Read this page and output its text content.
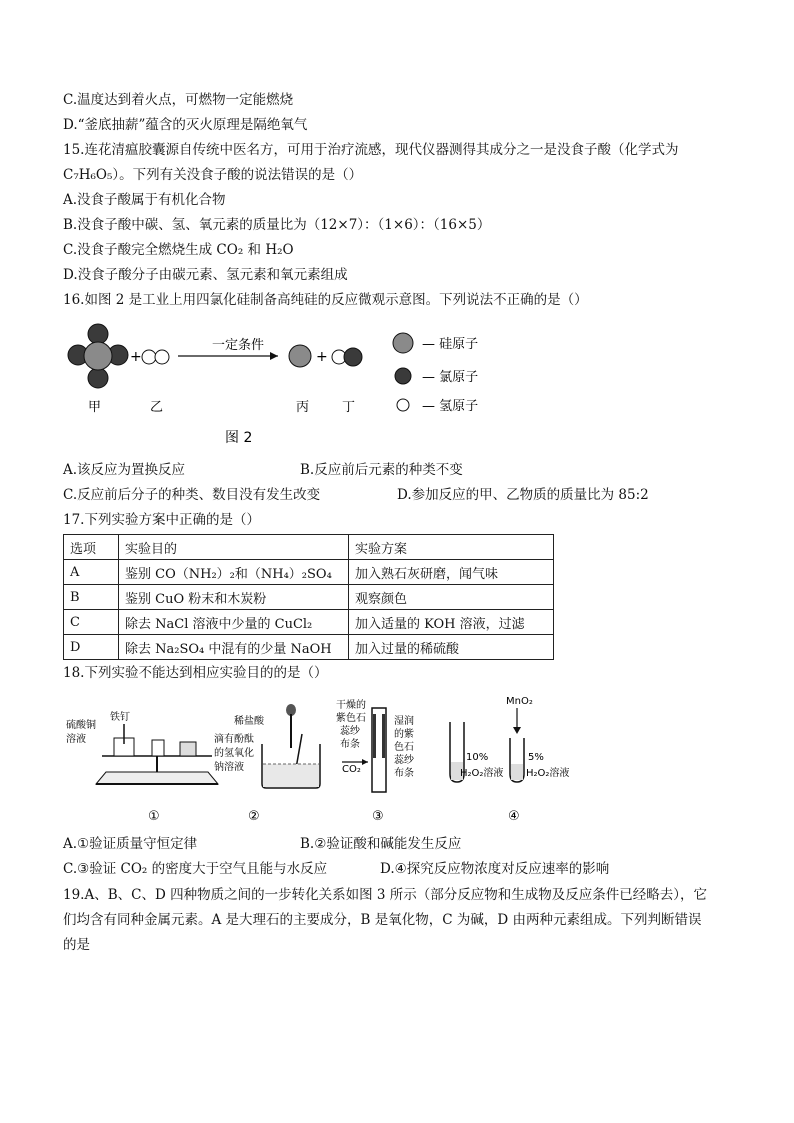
C.温度达到着火点，可燃物一定能燃烧
D.“釜底抽薪”蕴含的灭火原理是隔绝氧气
15.连花清瘟胶囊源自传统中医名方，可用于治疗流感，现代仪器测得其成分之一是没食子酸（化学式为
C₇H₆O₅）。下列有关没食子酸的说法错误的是（）
A.没食子酸属于有机化合物
B.没食子酸中碳、氢、氧元素的质量比为（12×7）：（1×6）：（16×5）
C.没食子酸完全燃烧生成 CO₂ 和 H₂O
D.没食子酸分子由碳元素、氢元素和氧元素组成
16.如图 2 是工业上用四氯化硅制备高纯硅的反应微观示意图。下列说法不正确的是（）
+
一定条件
+
甲	乙	丙	丁
— 硅原子
— 氯原子
— 氢原子
图 2
A.该反应为置换反应	B.反应前后元素的种类不变
C.反应前后分子的种类、数目没有发生改变	D.参加反应的甲、乙物质的质量比为 85:2
17.下列实验方案中正确的是（）
选项	实验目的	实验方案
A	鉴别 CO（NH₂）₂和（NH₄）₂SO₄	加入熟石灰研磨，闻气味
B	鉴别 CuO 粉末和木炭粉	观察颜色
C	除去 NaCl 溶液中少量的 CuCl₂	加入适量的 KOH 溶液，过滤
D	除去 Na₂SO₄ 中混有的少量 NaOH	加入过量的稀硫酸
18.下列实验不能达到相应实验目的的是（）
硫酸铜
溶液
铁钉
①
稀盐酸
滴有酚酞
的氢氧化
钠溶液
②
干燥的
紫色石
蕊纱
布条
湿润
的紫
色石
蕊纱
布条
CO₂
③
MnO₂
10%
H₂O₂溶液
5%
H₂O₂溶液
④
A.①验证质量守恒定律	B.②验证酸和碱能发生反应
C.③验证 CO₂ 的密度大于空气且能与水反应	D.④探究反应物浓度对反应速率的影响
19.A、B、C、D 四种物质之间的一步转化关系如图 3 所示（部分反应物和生成物及反应条件已经略去），它
们均含有同种金属元素。A 是大理石的主要成分，B 是氧化物，C 为碱，D 由两种元素组成。下列判断错误
的是
